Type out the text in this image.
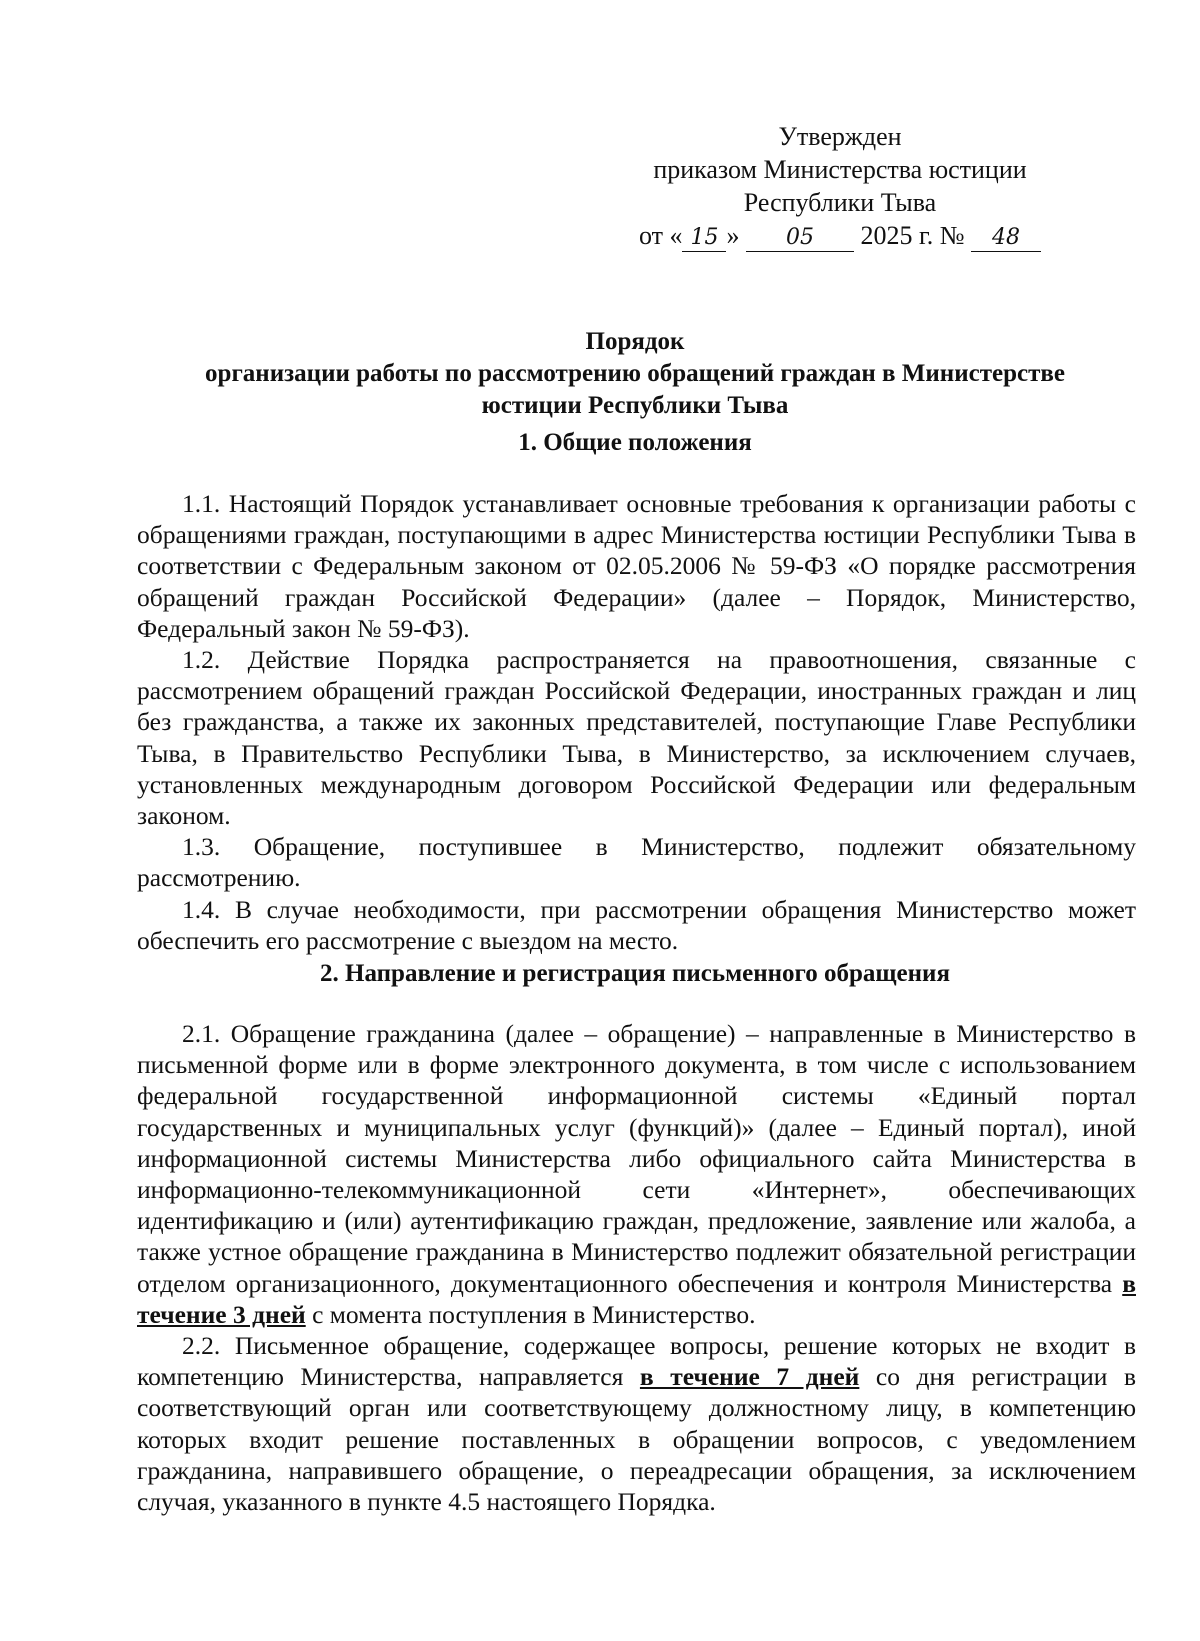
Утвержден
приказом Министерства юстиции
Республики Тыва
от « 15 » 05 2025 г. № 48
Порядок
организации работы по рассмотрению обращений граждан в Министерстве
юстиции Республики Тыва
1. Общие положения

1.1. Настоящий Порядок устанавливает основные требования к организации работы с обращениями граждан, поступающими в адрес Министерства юстиции Республики Тыва в соответствии с Федеральным законом от 02.05.2006 № 59-ФЗ «О порядке рассмотрения обращений граждан Российской Федерации» (далее – Порядок, Министерство, Федеральный закон № 59-ФЗ).

1.2. Действие Порядка распространяется на правоотношения, связанные с рассмотрением обращений граждан Российской Федерации, иностранных граждан и лиц без гражданства, а также их законных представителей, поступающие Главе Республики Тыва, в Правительство Республики Тыва, в Министерство, за исключением случаев, установленных международным договором Российской Федерации или федеральным законом.

1.3. Обращение, поступившее в Министерство, подлежит обязательному рассмотрению.

1.4. В случае необходимости, при рассмотрении обращения Министерство может обеспечить его рассмотрение с выездом на место.

2. Направление и регистрация письменного обращения

2.1. Обращение гражданина (далее – обращение) – направленные в Министерство в письменной форме или в форме электронного документа, в том числе с использованием федеральной государственной информационной системы «Единый портал государственных и муниципальных услуг (функций)» (далее – Единый портал), иной информационной системы Министерства либо официального сайта Министерства в информационно-телекоммуникационной сети «Интернет», обеспечивающих идентификацию и (или) аутентификацию граждан, предложение, заявление или жалоба, а также устное обращение гражданина в Министерство подлежит обязательной регистрации отделом организационного, документационного обеспечения и контроля Министерства в течение 3 дней с момента поступления в Министерство.

2.2. Письменное обращение, содержащее вопросы, решение которых не входит в компетенцию Министерства, направляется в течение 7 дней со дня регистрации в соответствующий орган или соответствующему должностному лицу, в компетенцию которых входит решение поставленных в обращении вопросов, с уведомлением гражданина, направившего обращение, о переадресации обращения, за исключением случая, указанного в пункте 4.5 настоящего Порядка.
